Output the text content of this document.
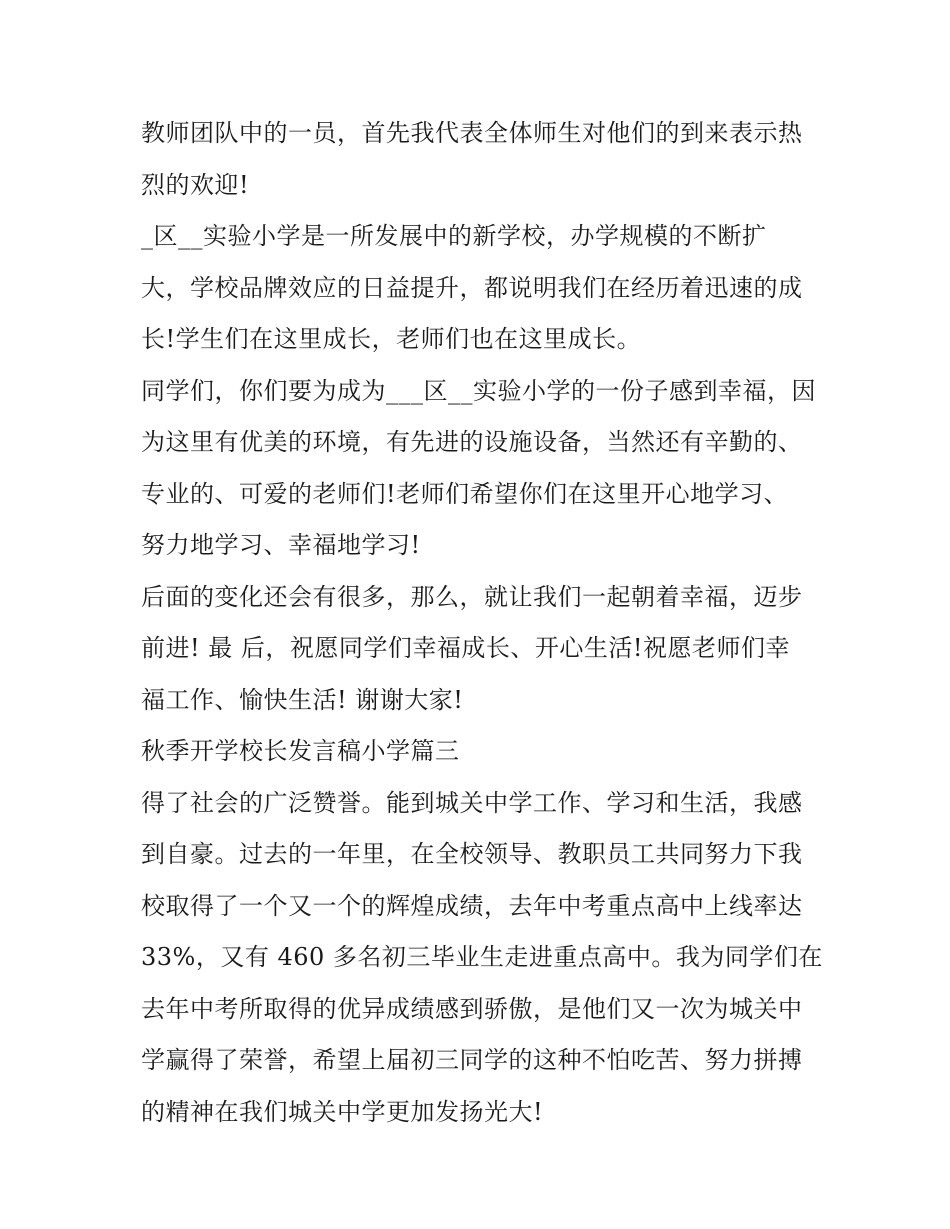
教师团队中的一员，首先我代表全体师生对他们的到来表示热
烈的欢迎!
_区__实验小学是一所发展中的新学校，办学规模的不断扩
大，学校品牌效应的日益提升，都说明我们在经历着迅速的成
长!学生们在这里成长，老师们也在这里成长。
同学们，你们要为成为___区__实验小学的一份子感到幸福，因
为这里有优美的环境，有先进的设施设备，当然还有辛勤的、
专业的、可爱的老师们!老师们希望你们在这里开心地学习、
努力地学习、幸福地学习!
后面的变化还会有很多，那么，就让我们一起朝着幸福，迈步
前进! 最 后，祝愿同学们幸福成长、开心生活!祝愿老师们幸
福工作、愉快生活! 谢谢大家!
秋季开学校长发言稿小学篇三
得了社会的广泛赞誉。能到城关中学工作、学习和生活，我感
到自豪。过去的一年里，在全校领导、教职员工共同努力下我
校取得了一个又一个的辉煌成绩，去年中考重点高中上线率达
33%，又有 460 多名初三毕业生走进重点高中。我为同学们在
去年中考所取得的优异成绩感到骄傲，是他们又一次为城关中
学赢得了荣誉，希望上届初三同学的这种不怕吃苦、努力拼搏
的精神在我们城关中学更加发扬光大!
